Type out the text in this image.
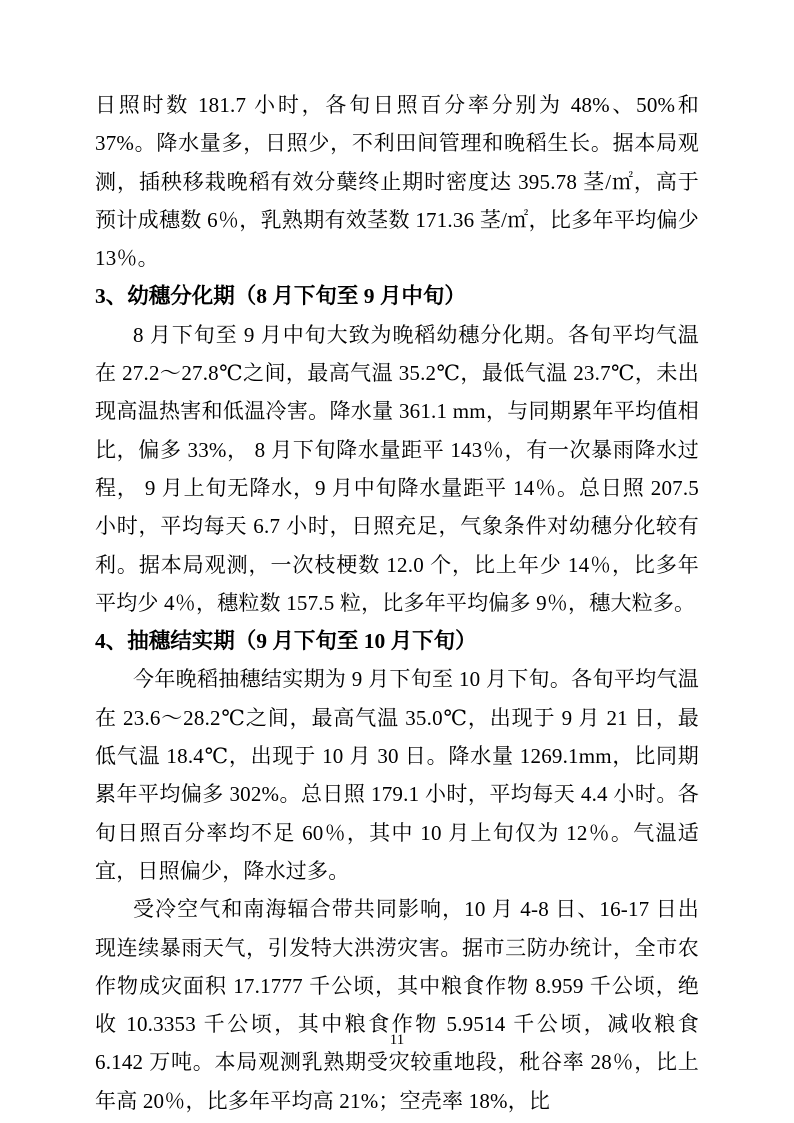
日照时数 181.7 小时，各旬日照百分率分别为 48%、50%和 37%。降水量多，日照少，不利田间管理和晚稻生长。据本局观测，插秧移栽晚稻有效分蘖终止期时密度达 395.78 茎/㎡，高于预计成穗数 6％，乳熟期有效茎数 171.36 茎/㎡，比多年平均偏少 13％。

3、幼穗分化期（8 月下旬至 9 月中旬）

8 月下旬至 9 月中旬大致为晚稻幼穗分化期。各旬平均气温在 27.2～27.8℃之间，最高气温 35.2℃，最低气温 23.7℃，未出现高温热害和低温冷害。降水量 361.1 mm，与同期累年平均值相比，偏多 33%， 8 月下旬降水量距平 143％，有一次暴雨降水过程， 9 月上旬无降水，9 月中旬降水量距平 14％。总日照 207.5 小时，平均每天 6.7 小时，日照充足，气象条件对幼穗分化较有利。据本局观测，一次枝梗数 12.0 个，比上年少 14％，比多年平均少 4％，穗粒数 157.5 粒，比多年平均偏多 9％，穗大粒多。

4、抽穗结实期（9 月下旬至 10 月下旬）

今年晚稻抽穗结实期为 9 月下旬至 10 月下旬。各旬平均气温在 23.6～28.2℃之间，最高气温 35.0℃，出现于 9 月 21 日，最低气温 18.4℃，出现于 10 月 30 日。降水量 1269.1mm，比同期累年平均偏多 302%。总日照 179.1 小时，平均每天 4.4 小时。各旬日照百分率均不足 60％，其中 10 月上旬仅为 12％。气温适宜，日照偏少，降水过多。

受冷空气和南海辐合带共同影响，10 月 4-8 日、16-17 日出现连续暴雨天气，引发特大洪涝灾害。据市三防办统计，全市农作物成灾面积 17.1777 千公顷，其中粮食作物 8.959 千公顷，绝收 10.3353 千公顷，其中粮食作物 5.9514 千公顷，减收粮食 6.142 万吨。本局观测乳熟期受灾较重地段，秕谷率 28％，比上年高 20％，比多年平均高 21%；空壳率 18%，比

11
